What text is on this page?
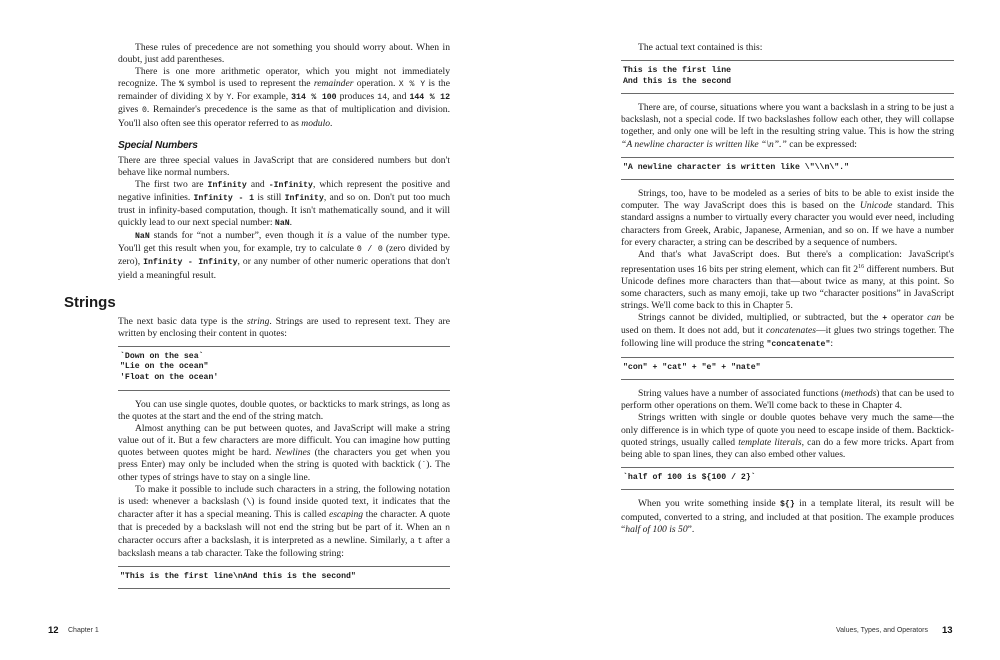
These rules of precedence are not something you should worry about. When in doubt, just add parentheses.

There is one more arithmetic operator, which you might not immediately recognize. The % symbol is used to represent the remainder operation. X % Y is the remainder of dividing X by Y. For example, 314 % 100 produces 14, and 144 % 12 gives 0. Remainder's precedence is the same as that of multiplication and division. You'll also often see this operator referred to as modulo.

Special Numbers

There are three special values in JavaScript that are considered numbers but don't behave like normal numbers.

The first two are Infinity and -Infinity, which represent the positive and negative infinities. Infinity - 1 is still Infinity, and so on. Don't put too much trust in infinity-based computation, though. It isn't mathematically sound, and it will quickly lead to our next special number: NaN.

NaN stands for “not a number”, even though it is a value of the number type. You'll get this result when you, for example, try to calculate 0 / 0 (zero divided by zero), Infinity - Infinity, or any number of other numeric operations that don't yield a meaningful result.

The next basic data type is the string. Strings are used to represent text. They are written by enclosing their content in quotes:

`Down on the sea`
"Lie on the ocean"
'Float on the ocean'

You can use single quotes, double quotes, or backticks to mark strings, as long as the quotes at the start and the end of the string match.

Almost anything can be put between quotes, and JavaScript will make a string value out of it. But a few characters are more difficult. You can imagine how putting quotes between quotes might be hard. Newlines (the characters you get when you press Enter) may only be included when the string is quoted with backtick (`). The other types of strings have to stay on a single line.

To make it possible to include such characters in a string, the following notation is used: whenever a backslash (\) is found inside quoted text, it indicates that the character after it has a special meaning. This is called escaping the character. A quote that is preceded by a backslash will not end the string but be part of it. When an n character occurs after a backslash, it is interpreted as a newline. Similarly, a t after a backslash means a tab character. Take the following string:

"This is the first line\nAnd this is the second"
Strings
12 Chapter 1

The actual text contained is this:

This is the first line
And this is the second

There are, of course, situations where you want a backslash in a string to be just a backslash, not a special code. If two backslashes follow each other, they will collapse together, and only one will be left in the resulting string value. This is how the string “A newline character is written like “\n”.” can be expressed:

"A newline character is written like \"\\n\"."

Strings, too, have to be modeled as a series of bits to be able to exist inside the computer. The way JavaScript does this is based on the Unicode standard. This standard assigns a number to virtually every character you would ever need, including characters from Greek, Arabic, Japanese, Armenian, and so on. If we have a number for every character, a string can be described by a sequence of numbers.

And that's what JavaScript does. But there's a complication: JavaScript's representation uses 16 bits per string element, which can fit $2^{16}$ different numbers. But Unicode defines more characters than that—about twice as many, at this point. So some characters, such as many emoji, take up two “character positions” in JavaScript strings. We'll come back to this in Chapter 5.

Strings cannot be divided, multiplied, or subtracted, but the + operator can be used on them. It does not add, but it concatenates—it glues two strings together. The following line will produce the string "concatenate":

"con" + "cat" + "e" + "nate"

String values have a number of associated functions (methods) that can be used to perform other operations on them. We'll come back to these in Chapter 4.

Strings written with single or double quotes behave very much the same—the only difference is in which type of quote you need to escape inside of them. Backtick-quoted strings, usually called template literals, can do a few more tricks. Apart from being able to span lines, they can also embed other values.

`half of 100 is ${100 / 2}`

When you write something inside ${} in a template literal, its result will be computed, converted to a string, and included at that position. The example produces “half of 100 is 50”.

Values, Types, and Operators 13
